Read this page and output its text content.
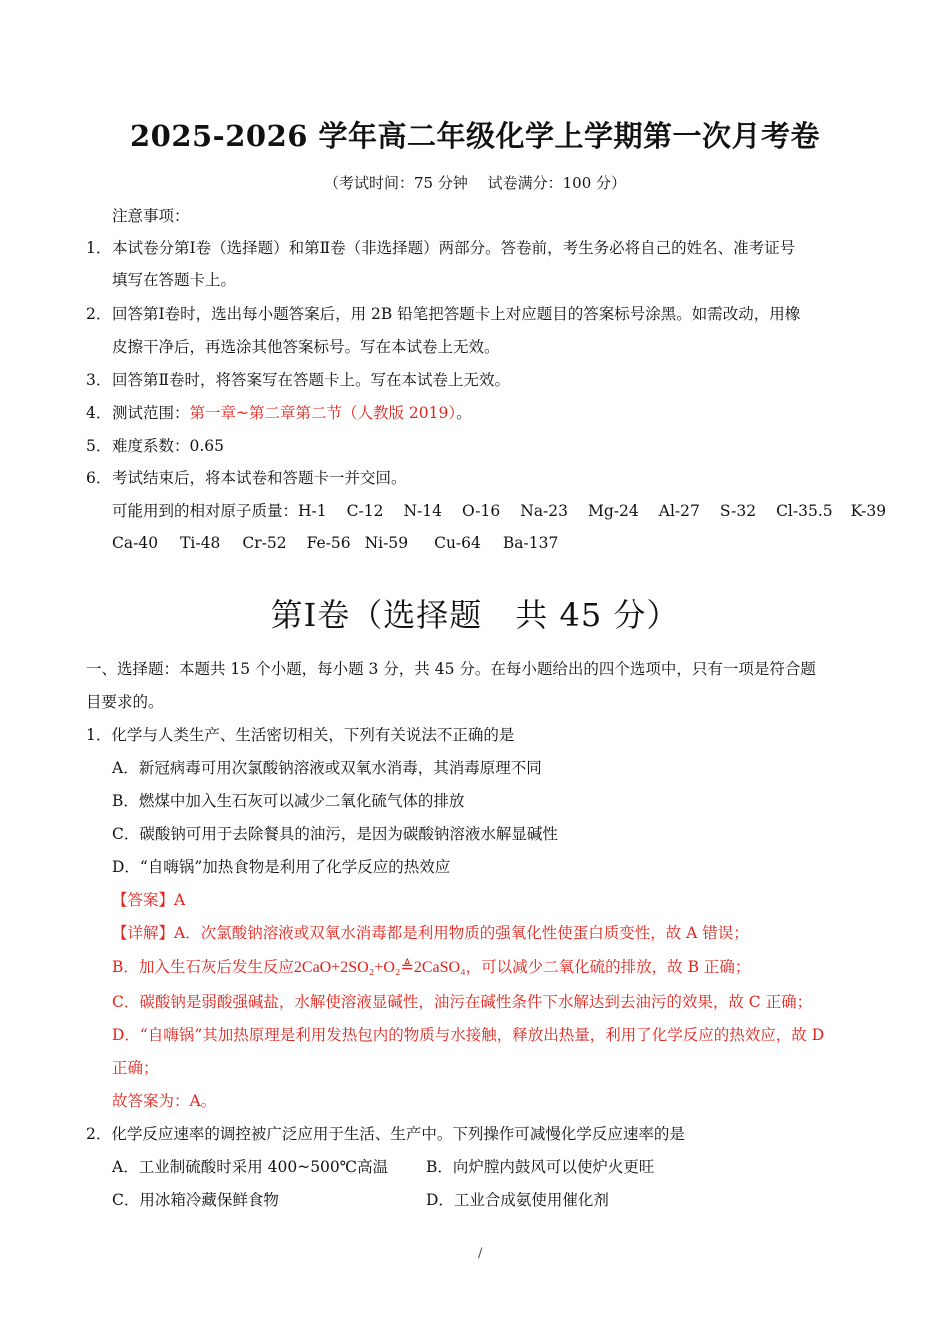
2025-2026 学年高二年级化学上学期第一次月考卷
（考试时间：75 分钟　 试卷满分：100 分）
注意事项：
1．本试卷分第Ⅰ卷（选择题）和第Ⅱ卷（非选择题）两部分。答卷前，考生务必将自己的姓名、准考证号
填写在答题卡上。
2．回答第Ⅰ卷时，选出每小题答案后，用 2B 铅笔把答题卡上对应题目的答案标号涂黑。如需改动，用橡
皮擦干净后，再选涂其他答案标号。写在本试卷上无效。
3．回答第Ⅱ卷时，将答案写在答题卡上。写在本试卷上无效。
4．测试范围：第一章~第二章第二节（人教版 2019）。
5．难度系数：0.65
6．考试结束后，将本试卷和答题卡一并交回。
可能用到的相对原子质量：H-1 C-12 N-14 O-16 Na-23 Mg-24 Al-27 S-32 Cl-35.5 K-39
Ca-40 Ti-48 Cr-52 Fe-56 Ni-59 Cu-64 Ba-137
第Ⅰ卷（选择题　共 45 分）
一、选择题：本题共 15 个小题，每小题 3 分，共 45 分。在每小题给出的四个选项中，只有一项是符合题
目要求的。
1．化学与人类生产、生活密切相关，下列有关说法不正确的是
A．新冠病毒可用次氯酸钠溶液或双氧水消毒，其消毒原理不同
B．燃煤中加入生石灰可以减少二氧化硫气体的排放
C．碳酸钠可用于去除餐具的油污，是因为碳酸钠溶液水解显碱性
D．“自嗨锅”加热食物是利用了化学反应的热效应
【答案】A
【详解】A．次氯酸钠溶液或双氧水消毒都是利用物质的强氧化性使蛋白质变性，故 A 错误；
B．加入生石灰后发生反应2CaO+2SO₂+O₂≜2CaSO₄，可以减少二氧化硫的排放，故 B 正确；
C．碳酸钠是弱酸强碱盐，水解使溶液显碱性，油污在碱性条件下水解达到去油污的效果，故 C 正确；
D．“自嗨锅”其加热原理是利用发热包内的物质与水接触，释放出热量，利用了化学反应的热效应，故 D
正确；
故答案为：A。
2．化学反应速率的调控被广泛应用于生活、生产中。下列操作可减慢化学反应速率的是
A．工业制硫酸时采用 400~500℃高温 B．向炉膛内鼓风可以使炉火更旺
C．用冰箱冷藏保鲜食物	D．工业合成氨使用催化剂
/
